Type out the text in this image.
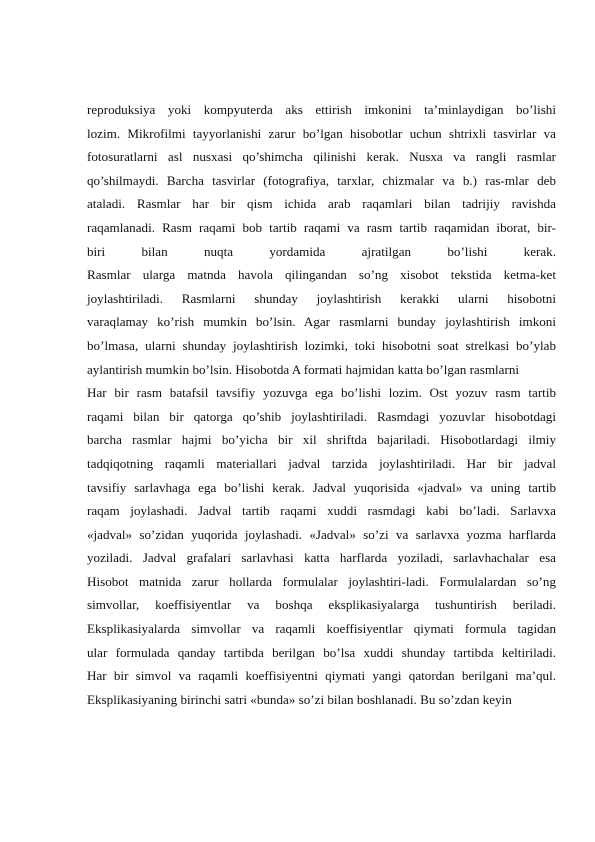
reproduksiya yoki kompyuterda aks ettirish imkonini ta’minlaydigan bo’lishi
lozim. Mikrofilmi tayyorlanishi zarur bo’lgan hisobotlar uchun shtrixli tasvirlar va
fotosuratlarni asl nusxasi qo’shimcha qilinishi kerak. Nusxa va rangli rasmlar
qo’shilmaydi. Barcha tasvirlar (fotografiya, tarxlar, chizmalar va b.) ras-mlar deb
ataladi. Rasmlar har bir qism ichida arab raqamlari bilan tadrijiy ravishda
raqamlanadi. Rasm raqami bob tartib raqami va rasm tartib raqamidan iborat, bir-
biri bilan nuqta yordamida ajratilgan bo’lishi kerak.
Rasmlar ularga matnda havola qilingandan so’ng xisobot tekstida ketma-ket
joylashtiriladi. Rasmlarni shunday joylashtirish kerakki ularni hisobotni
varaqlamay ko’rish mumkin bo’lsin. Agar rasmlarni bunday joylashtirish imkoni
bo’lmasa, ularni shunday joylashtirish lozimki, toki hisobotni soat strelkasi bo’ylab
aylantirish mumkin bo’lsin. Hisobotda A formati hajmidan katta bo’lgan rasmlarni
Har bir rasm batafsil tavsifiy yozuvga ega bo’lishi lozim. Ost yozuv rasm tartib
raqami bilan bir qatorga qo’shib joylashtiriladi. Rasmdagi yozuvlar hisobotdagi
barcha rasmlar hajmi bo’yicha bir xil shriftda bajariladi. Hisobotlardagi ilmiy
tadqiqotning raqamli materiallari jadval tarzida joylashtiriladi. Har bir jadval
tavsifiy sarlavhaga ega bo’lishi kerak. Jadval yuqorisida «jadval» va uning tartib
raqam joylashadi. Jadval tartib raqami xuddi rasmdagi kabi bo’ladi. Sarlavxa
«jadval» so’zidan yuqorida joylashadi. «Jadval» so’zi va sarlavxa yozma harflarda
yoziladi. Jadval grafalari sarlavhasi katta harflarda yoziladi, sarlavhachalar esa
Hisobot matnida zarur hollarda formulalar joylashtiri-ladi. Formulalardan so’ng
simvollar, koeffisiyentlar va boshqa eksplikasiyalarga tushuntirish beriladi.
Eksplikasiyalarda simvollar va raqamli koeffisiyentlar qiymati formula tagidan
ular formulada qanday tartibda berilgan bo’lsa xuddi shunday tartibda keltiriladi.
Har bir simvol va raqamli koeffisiyentni qiymati yangi qatordan berilgani ma’qul.
Eksplikasiyaning birinchi satri «bunda» so’zi bilan boshlanadi. Bu so’zdan keyin
